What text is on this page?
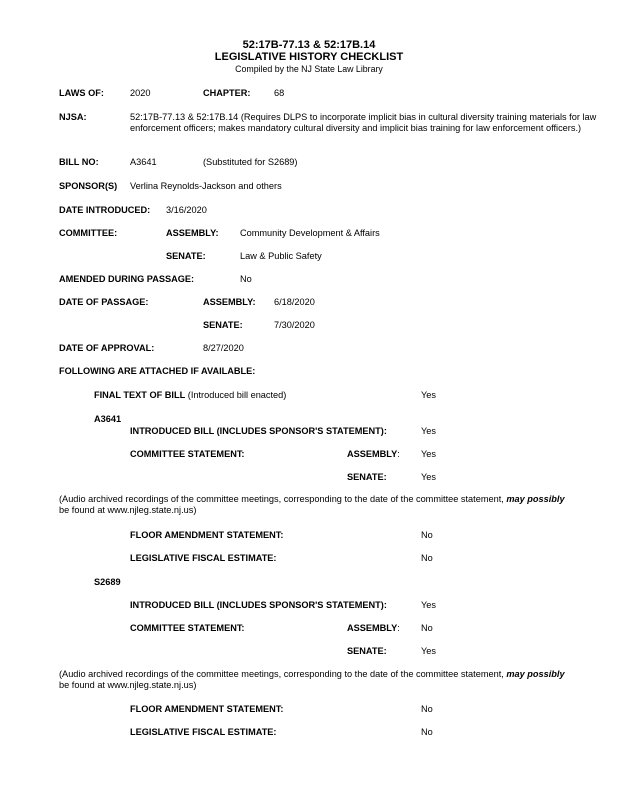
52:17B-77.13 & 52:17B.14
LEGISLATIVE HISTORY CHECKLIST
Compiled by the NJ State Law Library
LAWS OF:	2020	CHAPTER:	68
NJSA:	52:17B-77.13 & 52:17B.14 (Requires DLPS to incorporate implicit bias in cultural diversity training materials for law enforcement officers; makes mandatory cultural diversity and implicit bias training for law enforcement officers.)
BILL NO:	A3641	(Substituted for S2689)
SPONSOR(S) Verlina Reynolds-Jackson and others
DATE INTRODUCED: 3/16/2020
COMMITTEE:	ASSEMBLY: Community Development & Affairs
SENATE:	Law & Public Safety
AMENDED DURING PASSAGE:	No
DATE OF PASSAGE:	ASSEMBLY: 6/18/2020
SENATE:	7/30/2020
DATE OF APPROVAL:	8/27/2020
FOLLOWING ARE ATTACHED IF AVAILABLE:
FINAL TEXT OF BILL (Introduced bill enacted)	Yes
A3641
INTRODUCED BILL (INCLUDES SPONSOR'S STATEMENT):	Yes
COMMITTEE STATEMENT:	ASSEMBLY: Yes
SENATE:	Yes
(Audio archived recordings of the committee meetings, corresponding to the date of the committee statement, may possibly
be found at www.njleg.state.nj.us)
FLOOR AMENDMENT STATEMENT:	No
LEGISLATIVE FISCAL ESTIMATE:	No
S2689
INTRODUCED BILL (INCLUDES SPONSOR'S STATEMENT):	Yes
COMMITTEE STATEMENT:	ASSEMBLY: No
SENATE:	Yes
(Audio archived recordings of the committee meetings, corresponding to the date of the committee statement, may possibly
be found at www.njleg.state.nj.us)
FLOOR AMENDMENT STATEMENT:	No
LEGISLATIVE FISCAL ESTIMATE:	No
